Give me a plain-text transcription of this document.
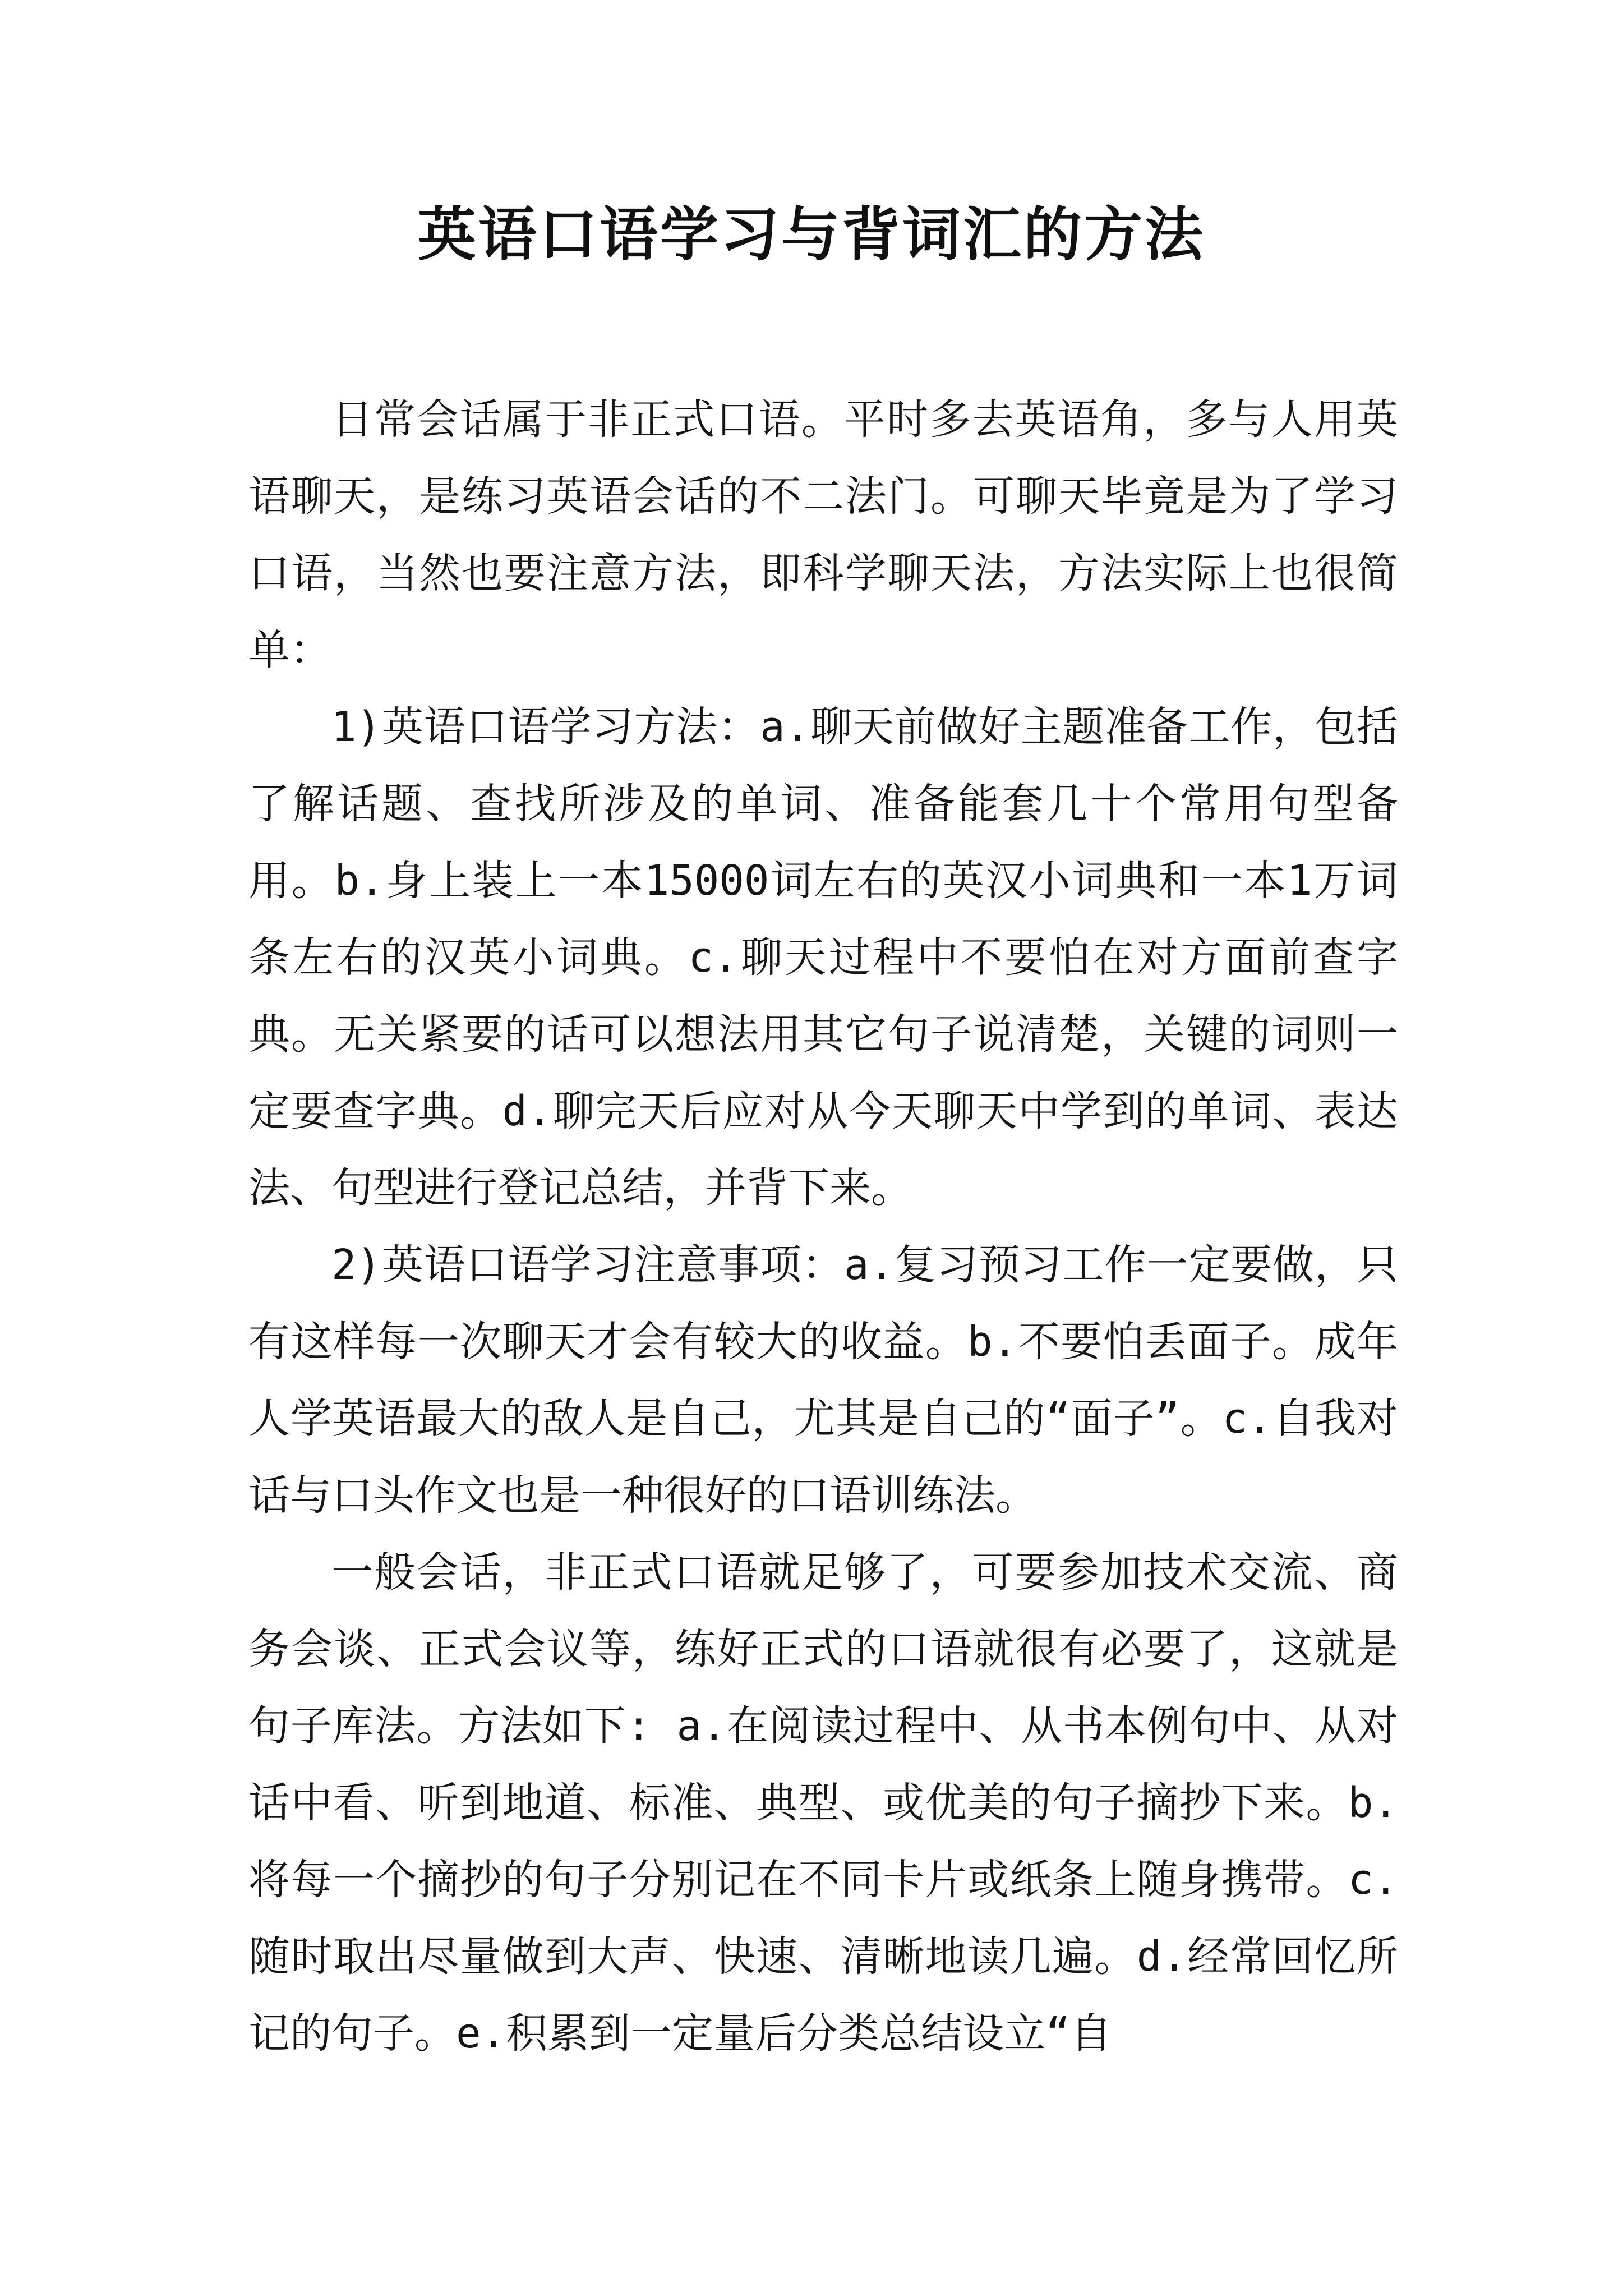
英语口语学习与背词汇的方法

日常会话属于非正式口语。平时多去英语角，多与人用英语聊天，是练习英语会话的不二法门。可聊天毕竟是为了学习口语，当然也要注意方法，即科学聊天法，方法实际上也很简单：

1)英语口语学习方法：a.聊天前做好主题准备工作，包括了解话题、查找所涉及的单词、准备能套几十个常用句型备用。b.身上装上一本15000词左右的英汉小词典和一本1万词条左右的汉英小词典。c.聊天过程中不要怕在对方面前查字典。无关紧要的话可以想法用其它句子说清楚，关键的词则一定要查字典。d.聊完天后应对从今天聊天中学到的单词、表达法、句型进行登记总结，并背下来。

2)英语口语学习注意事项：a.复习预习工作一定要做，只有这样每一次聊天才会有较大的收益。b.不要怕丢面子。成年人学英语最大的敌人是自己，尤其是自己的“面子”。c.自我对话与口头作文也是一种很好的口语训练法。

一般会话，非正式口语就足够了，可要参加技术交流、商务会谈、正式会议等，练好正式的口语就很有必要了，这就是句子库法。方法如下: a.在阅读过程中、从书本例句中、从对话中看、听到地道、标准、典型、或优美的句子摘抄下来。b.将每一个摘抄的句子分别记在不同卡片或纸条上随身携带。c.随时取出尽量做到大声、快速、清晰地读几遍。d.经常回忆所记的句子。e.积累到一定量后分类总结设立“自
